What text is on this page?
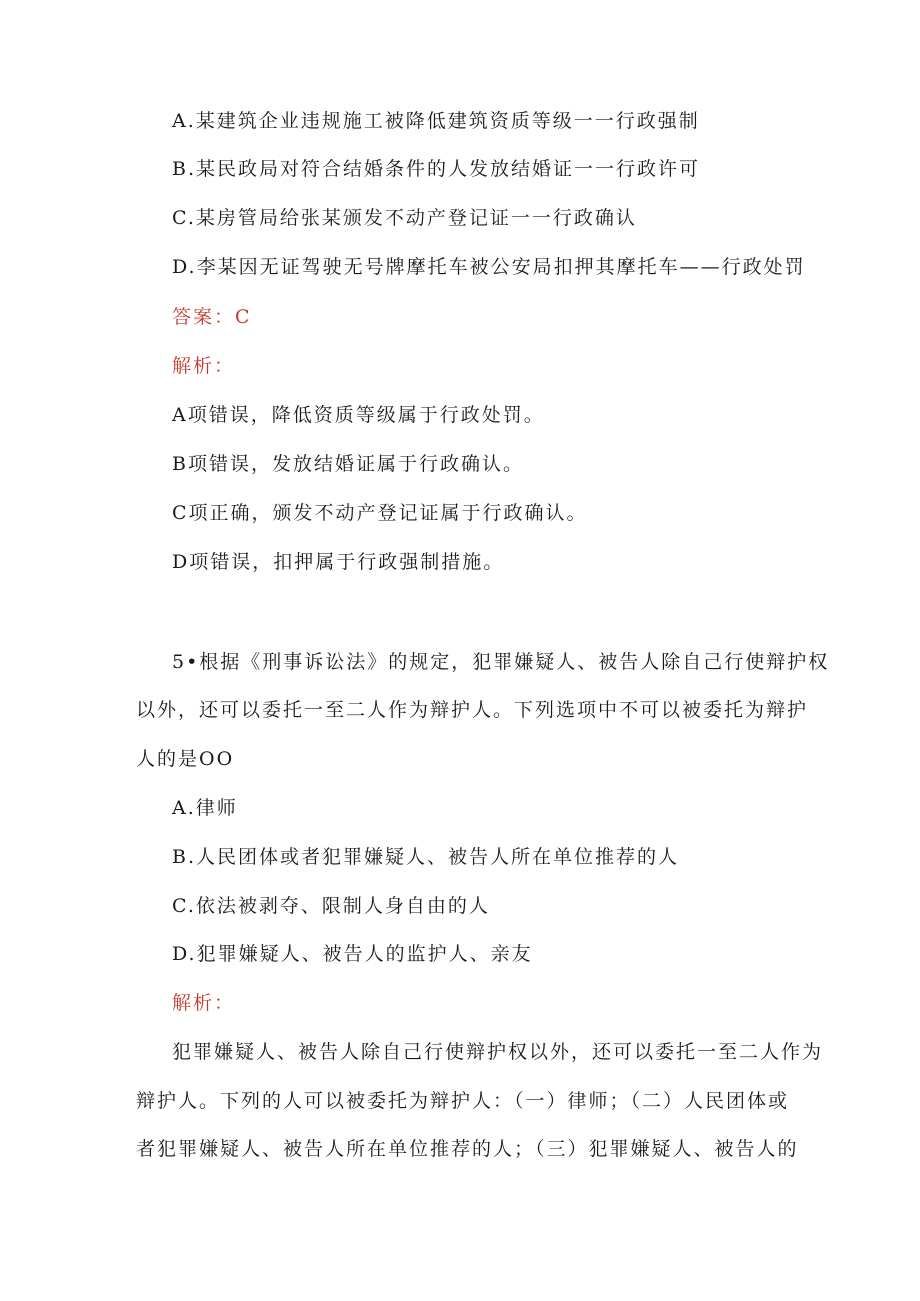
A.某建筑企业违规施工被降低建筑资质等级一一行政强制
B.某民政局对符合结婚条件的人发放结婚证一一行政许可
C.某房管局给张某颁发不动产登记证一一行政确认
D.李某因无证驾驶无号牌摩托车被公安局扣押其摩托车——行政处罚
答案：C
解析：
A项错误，降低资质等级属于行政处罚。
B项错误，发放结婚证属于行政确认。
C项正确，颁发不动产登记证属于行政确认。
D项错误，扣押属于行政强制措施。
5•根据《刑事诉讼法》的规定，犯罪嫌疑人、被告人除自己行使辩护权
以外，还可以委托一至二人作为辩护人。下列选项中不可以被委托为辩护
人的是OO
A.律师
B.人民团体或者犯罪嫌疑人、被告人所在单位推荐的人
C.依法被剥夺、限制人身自由的人
D.犯罪嫌疑人、被告人的监护人、亲友
解析：
犯罪嫌疑人、被告人除自己行使辩护权以外，还可以委托一至二人作为
辩护人。下列的人可以被委托为辩护人：（一）律师；（二）人民团体或
者犯罪嫌疑人、被告人所在单位推荐的人；（三）犯罪嫌疑人、被告人的
